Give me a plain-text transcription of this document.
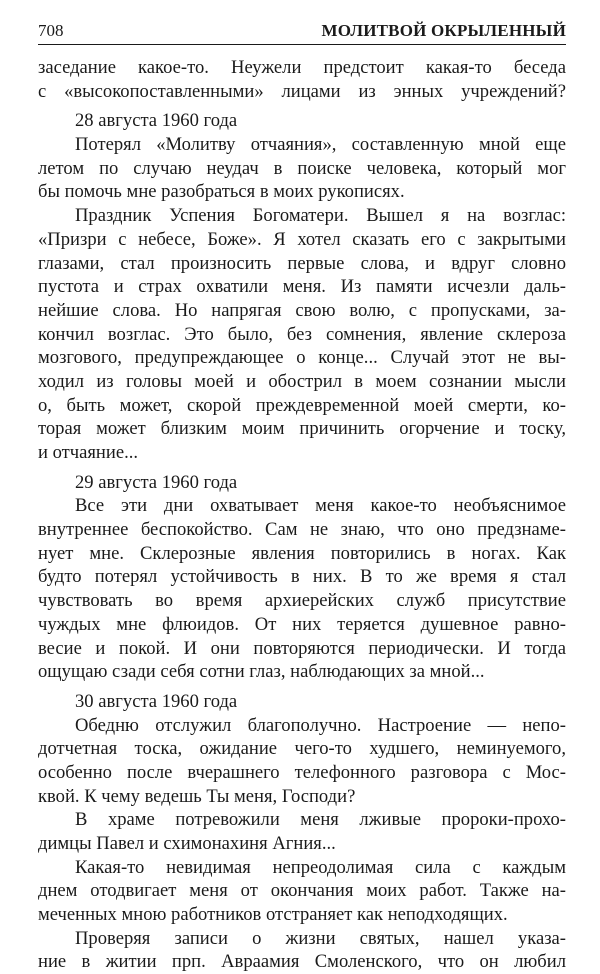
708	МОЛИТВОЙ ОКРЫЛЕННЫЙ
заседание какое-то. Неужели предстоит какая-то беседа
с «высокопоставленными» лицами из энных учреждений?
28 августа 1960 года
Потерял «Молитву отчаяния», составленную мной еще
летом по случаю неудач в поиске человека, который мог
бы помочь мне разобраться в моих рукописях.
Праздник Успения Богоматери. Вышел я на возглас:
«Призри с небесе, Боже». Я хотел сказать его с закрытыми
глазами, стал произносить первые слова, и вдруг словно
пустота и страх охватили меня. Из памяти исчезли даль-
нейшие слова. Но напрягая свою волю, с пропусками, за-
кончил возглас. Это было, без сомнения, явление склероза
мозгового, предупреждающее о конце... Случай этот не вы-
ходил из головы моей и обострил в моем сознании мысли
о, быть может, скорой преждевременной моей смерти, ко-
торая может близким моим причинить огорчение и тоску,
и отчаяние...
29 августа 1960 года
Все эти дни охватывает меня какое-то необъяснимое
внутреннее беспокойство. Сам не знаю, что оно предзнаме-
нует мне. Склерозные явления повторились в ногах. Как
будто потерял устойчивость в них. В то же время я стал
чувствовать во время архиерейских служб присутствие
чуждых мне флюидов. От них теряется душевное равно-
весие и покой. И они повторяются периодически. И тогда
ощущаю сзади себя сотни глаз, наблюдающих за мной...
30 августа 1960 года
Обедню отслужил благополучно. Настроение — непо-
дотчетная тоска, ожидание чего-то худшего, неминуемого,
особенно после вчерашнего телефонного разговора с Мос-
квой. К чему ведешь Ты меня, Господи?
В храме потревожили меня лживые пророки-прохо-
димцы Павел и схимонахиня Агния...
Какая-то невидимая непреодолимая сила с каждым
днем отодвигает меня от окончания моих работ. Также на-
меченных мною работников отстраняет как неподходящих.
Проверяя записи о жизни святых, нашел указа-
ние в житии прп. Авраамия Смоленского, что он любил
